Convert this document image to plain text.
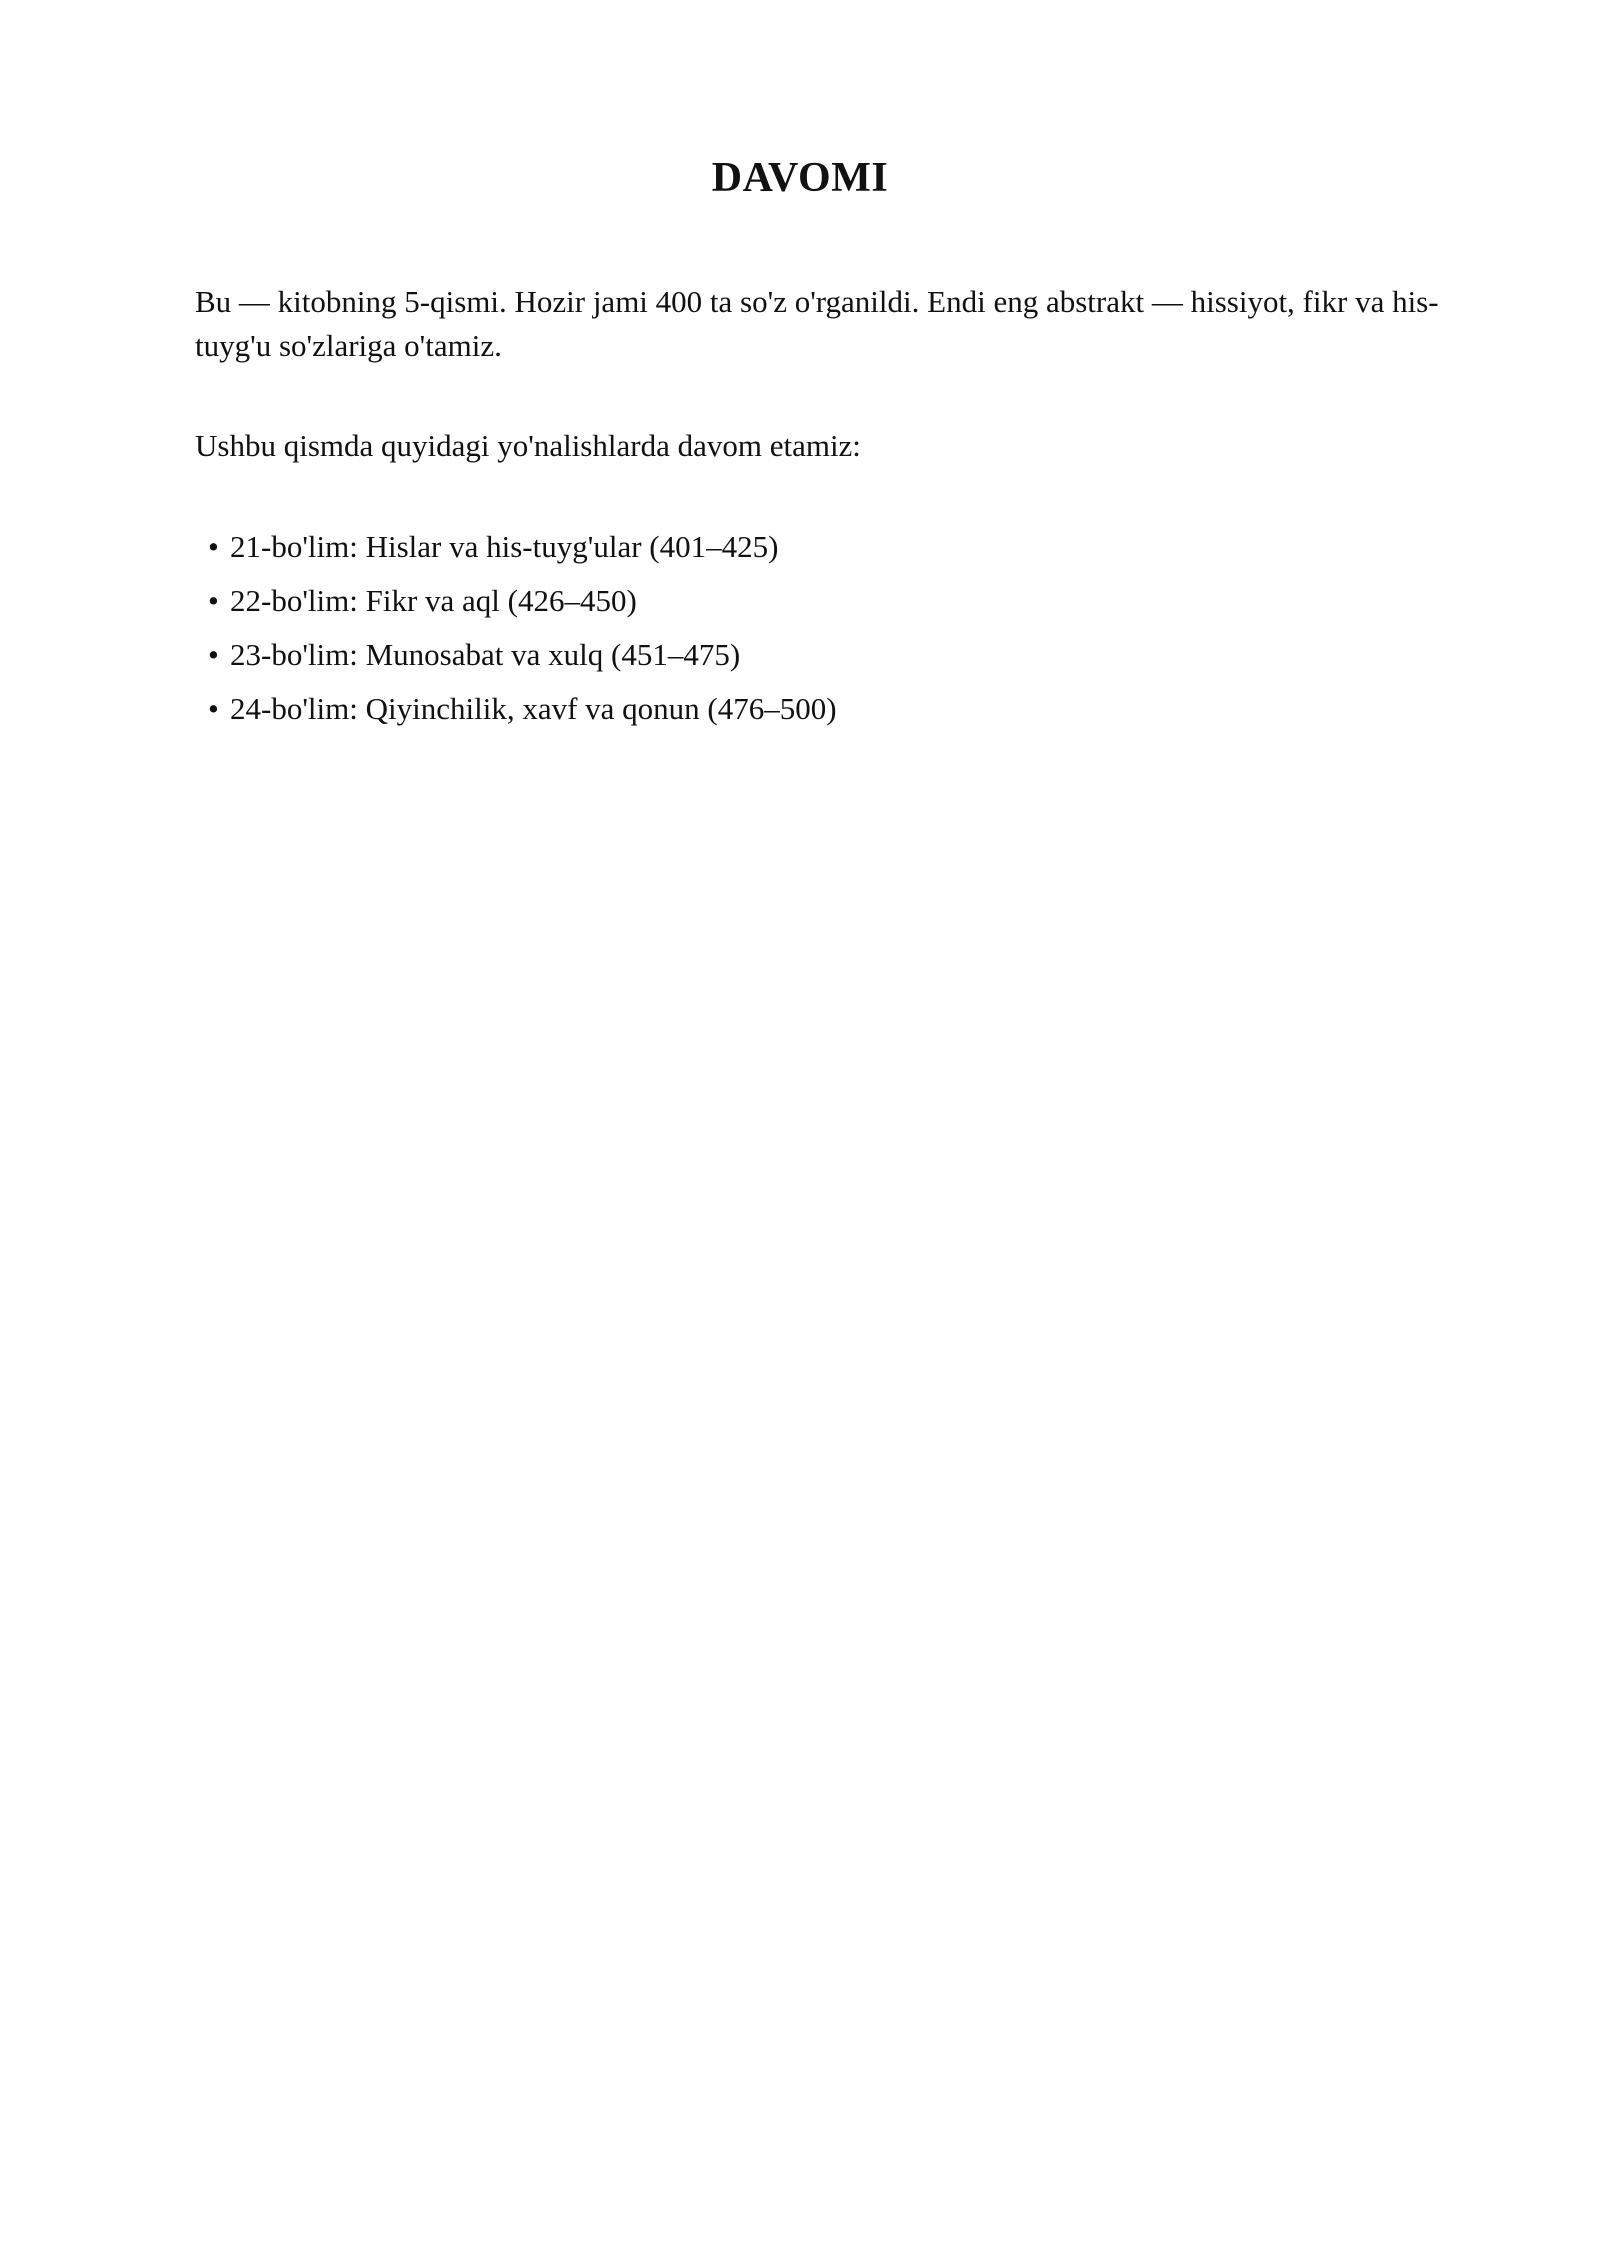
DAVOMI

Bu — kitobning 5-qismi. Hozir jami 400 ta so'z o'rganildi. Endi eng abstrakt — hissiyot, fikr va his-tuyg'u so'zlariga o'tamiz.

Ushbu qismda quyidagi yo'nalishlarda davom etamiz:

• 21-bo'lim: Hislar va his-tuyg'ular (401–425)
• 22-bo'lim: Fikr va aql (426–450)
• 23-bo'lim: Munosabat va xulq (451–475)
• 24-bo'lim: Qiyinchilik, xavf va qonun (476–500)
